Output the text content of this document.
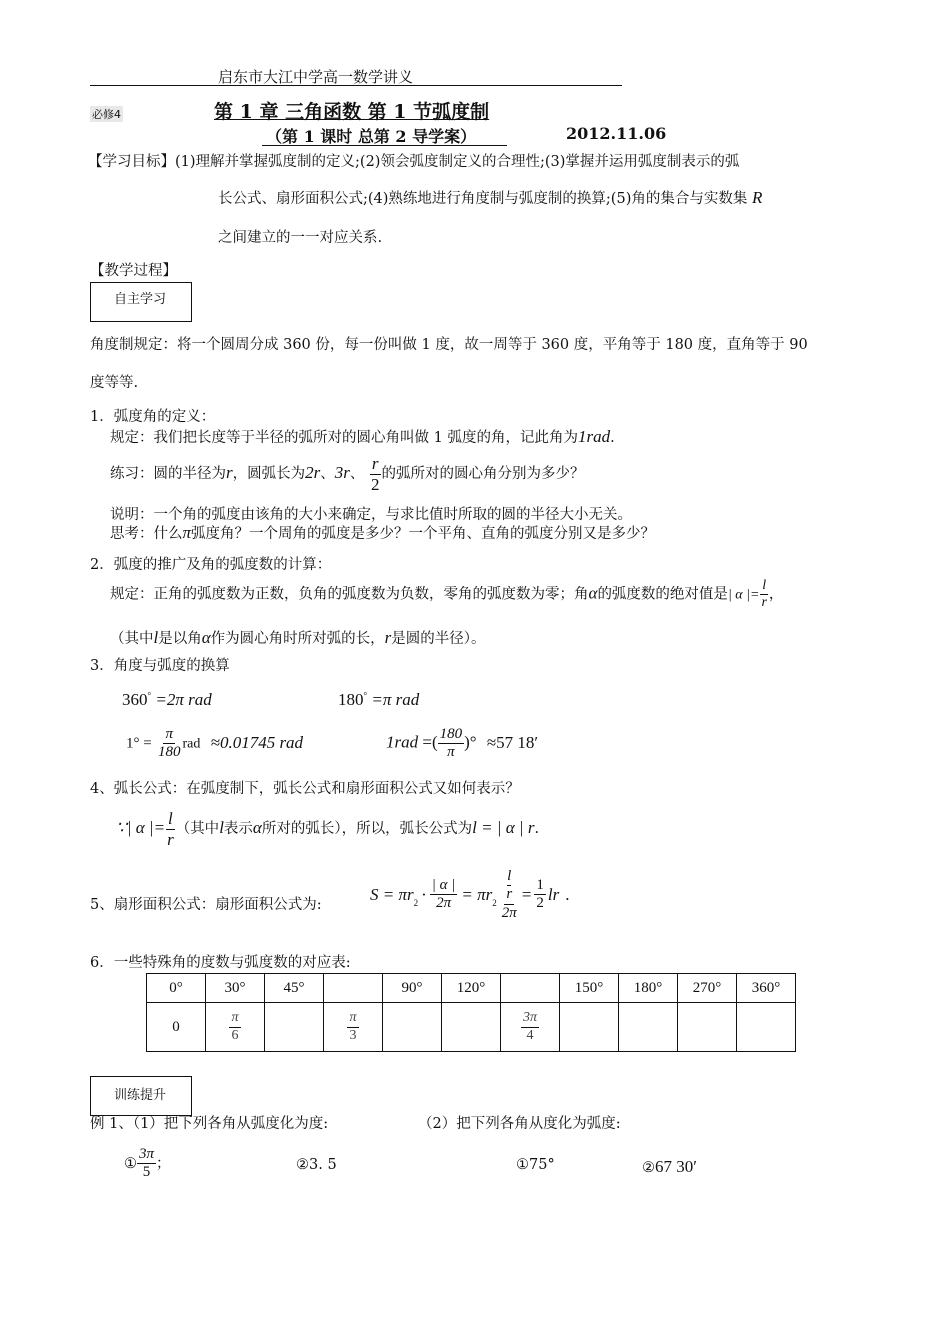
启东市大江中学高一数学讲义
必修4	第 1 章 三角函数 第 1 节弧度制
（第 1 课时 总第 2 导学案）	2012.11.06
【学习目标】(1)理解并掌握弧度制的定义;(2)领会弧度制定义的合理性;(3)掌握并运用弧度制表示的弧
长公式、扇形面积公式;(4)熟练地进行角度制与弧度制的换算;(5)角的集合与实数集 R
之间建立的一一对应关系.
【教学过程】
自主学习
角度制规定：将一个圆周分成 360 份，每一份叫做 1 度，故一周等于 360 度，平角等于 180 度，直角等于 90
度等等.
1．弧度角的定义：
规定：我们把长度等于半径的弧所对的圆心角叫做 1 弧度的角，记此角为1rad.
练习：圆的半径为r，圆弧长为2r、3r、 $\frac{r}{2}$ 的弧所对的圆心角分别为多少？
说明：一个角的弧度由该角的大小来确定，与求比值时所取的圆的半径大小无关。
思考：什么π弧度角？一个周角的弧度是多少？一个平角、直角的弧度分别又是多少？
2．弧度的推广及角的弧度数的计算：
规定：正角的弧度数为正数，负角的弧度数为负数，零角的弧度数为零；角α的弧度数的绝对值是| α |= $\frac{l}{r}$ ，
（其中l是以角α作为圆心角时所对弧的长，r是圆的半径）。
3．角度与弧度的换算
360° =2π rad	180° =π rad
$1^\circ = \frac{\pi}{180}$ rad ≈0.01745 rad	1rad =( $\frac{180}{\pi}$ )° ≈57 18′
4、弧长公式：在弧度制下，弧长公式和扇形面积公式又如何表示？
∵| α |= $\frac{l}{r}$ （其中l表示α所对的弧长），所以，弧长公式为l = | α | r.
5、扇形面积公式：扇形面积公式为:
$S = \pi r_2 \cdot \frac{| \alpha |}{2\pi} = \pi r_2$ l
r
$2\pi = \frac{1}{2}$ lr .
6．一些特殊角的度数与弧度数的对应表:
0°	30°	45°		90°	120°		150°	180°	270°	360°
0	$\frac{\pi}{6}$		$\frac{\pi}{3}$			$\frac{3\pi}{4}$

训练提升
例 1、（1）把下列各角从弧度化为度:	（2）把下列各角从度化为弧度:
① $\frac{3\pi}{5}$ ；	②3. 5	①75°	②67 30′
